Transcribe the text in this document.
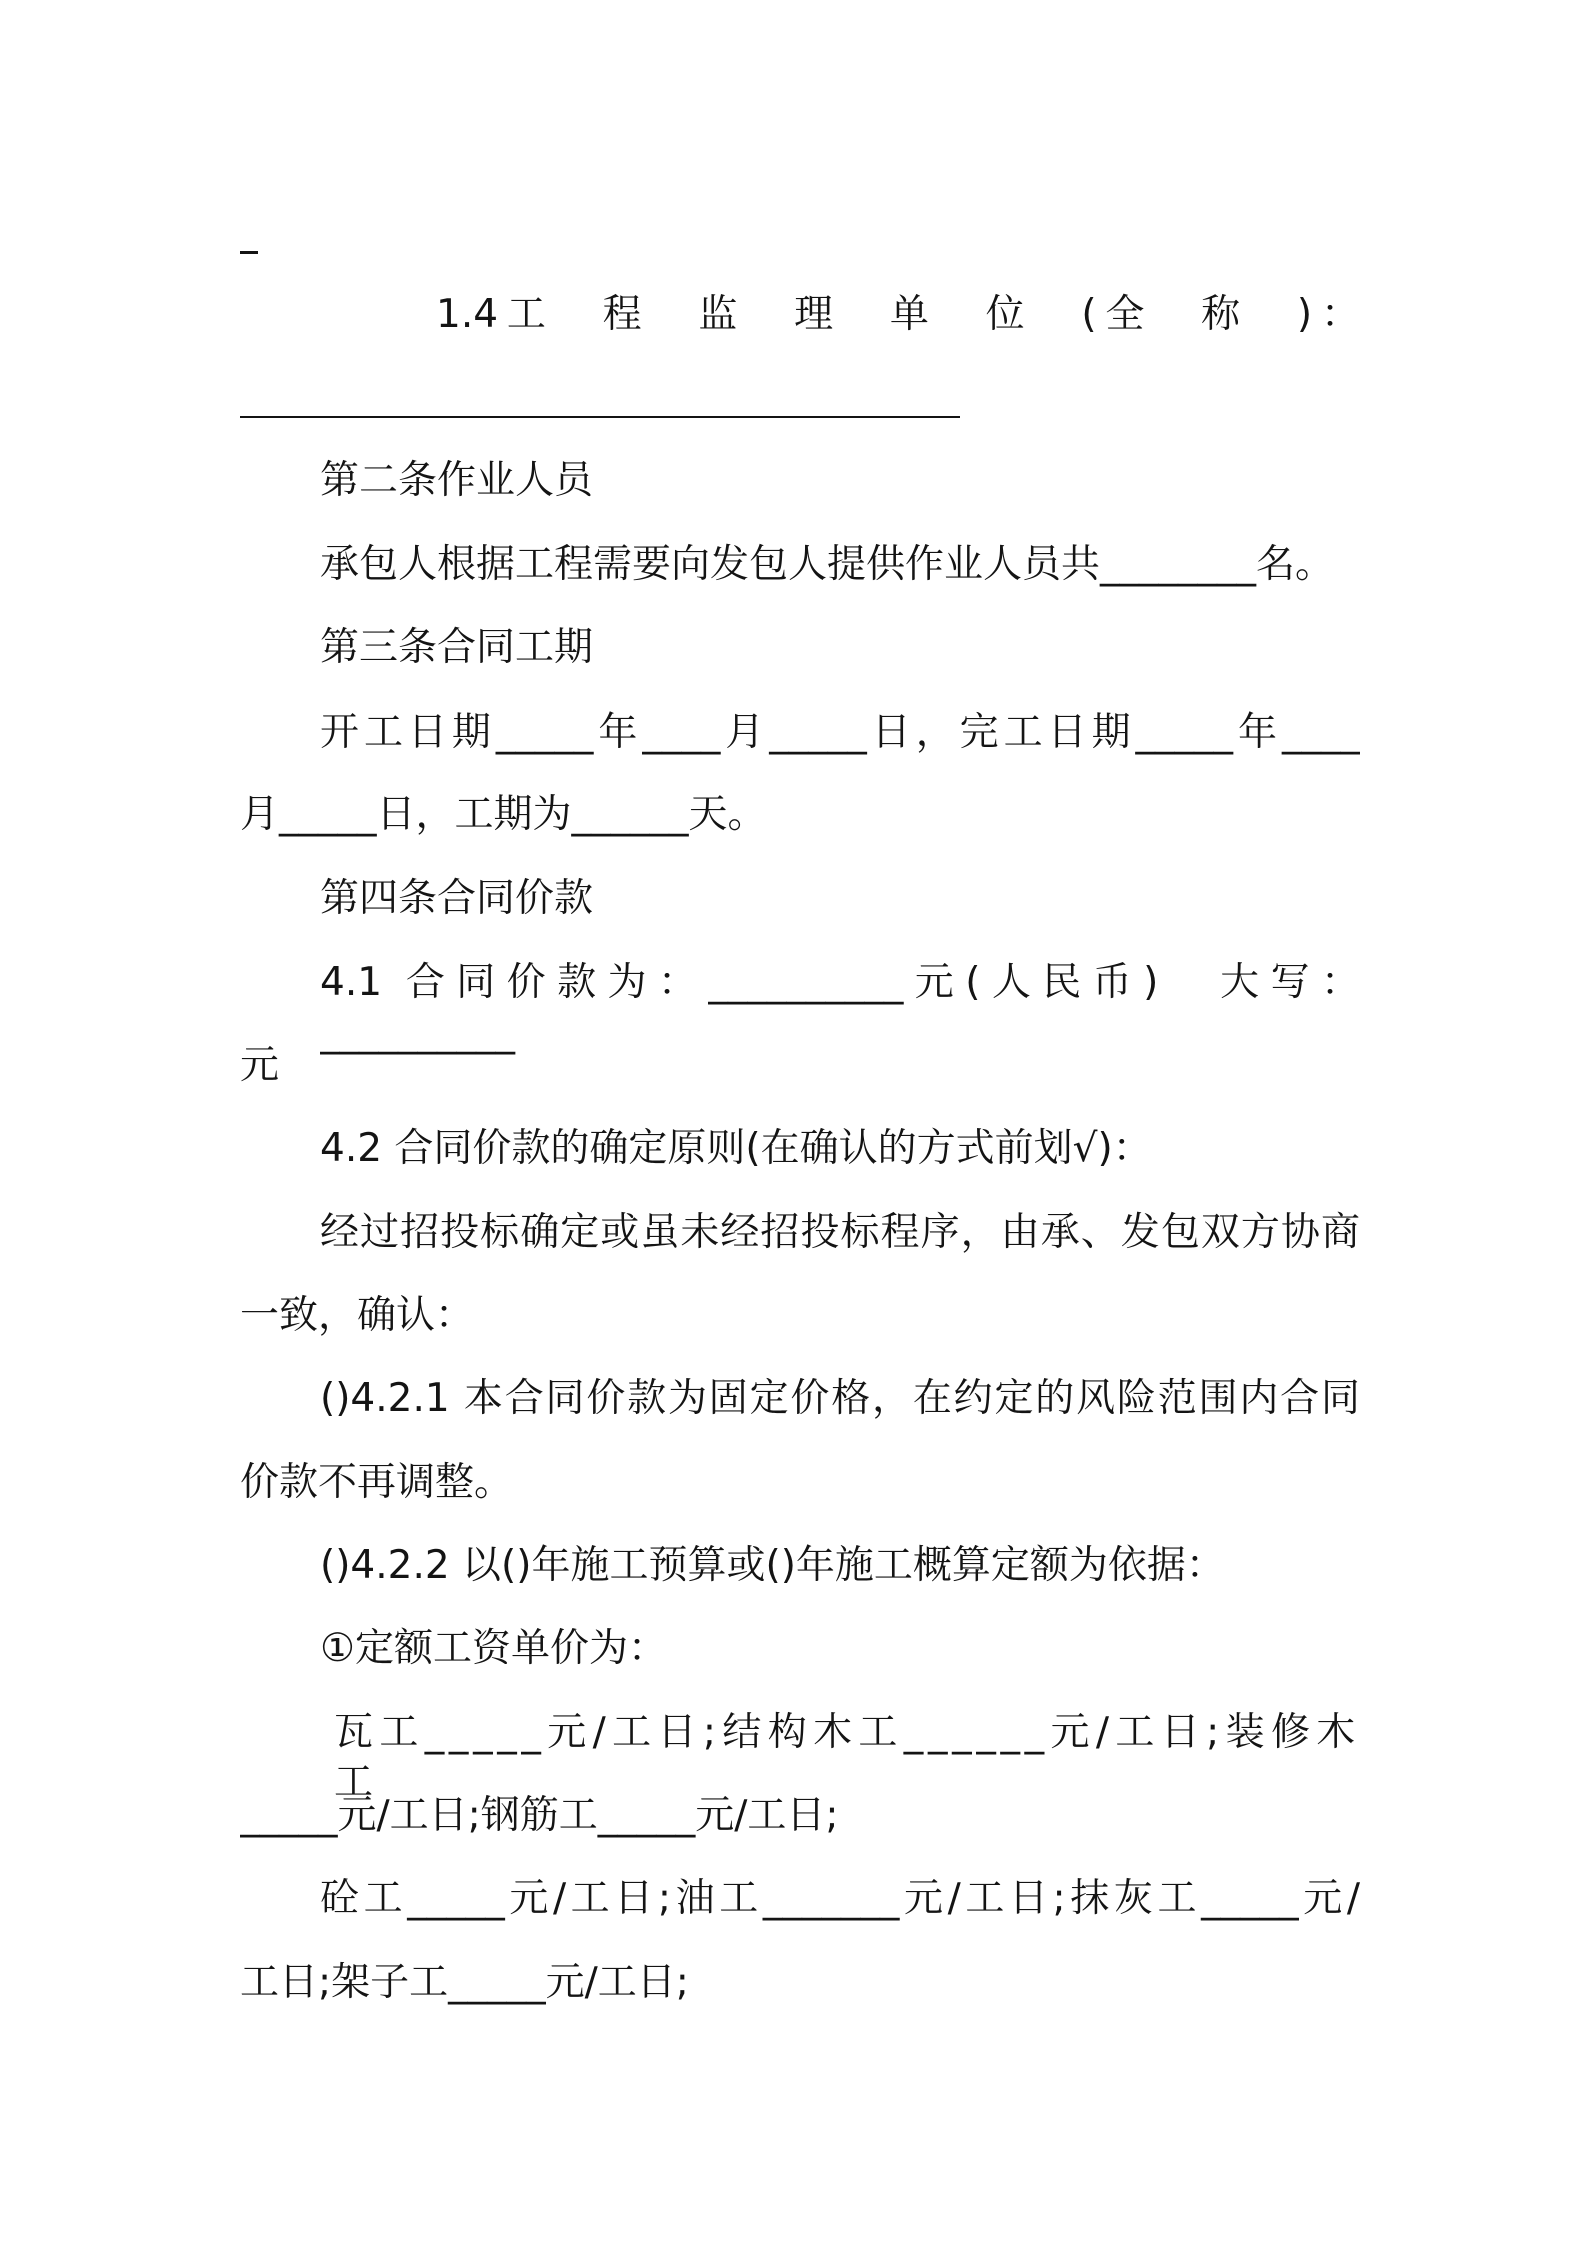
1.4工　程　监　理　单　位　(全　称　)：
第二条作业人员
承包人根据工程需要向发包人提供作业人员共________名。
第三条合同工期
开工日期_____年____月_____日，完工日期_____年____
月_____日，工期为______天。
第四条合同价款
4.1 合同价款为：__________元(人民币)　大写：__________
元
4.2 合同价款的确定原则(在确认的方式前划√)：
经过招投标确定或虽未经招投标程序，由承、发包双方协商
一致，确认：
()4.2.1 本合同价款为固定价格，在约定的风险范围内合同
价款不再调整。
()4.2.2 以()年施工预算或()年施工概算定额为依据：
①定额工资单价为：
瓦工_____元/工日;结构木工______元/工日;装修木工
_____元/工日;钢筋工_____元/工日;
砼工_____元/工日;油工_______元/工日;抹灰工_____元/
工日;架子工_____元/工日;
